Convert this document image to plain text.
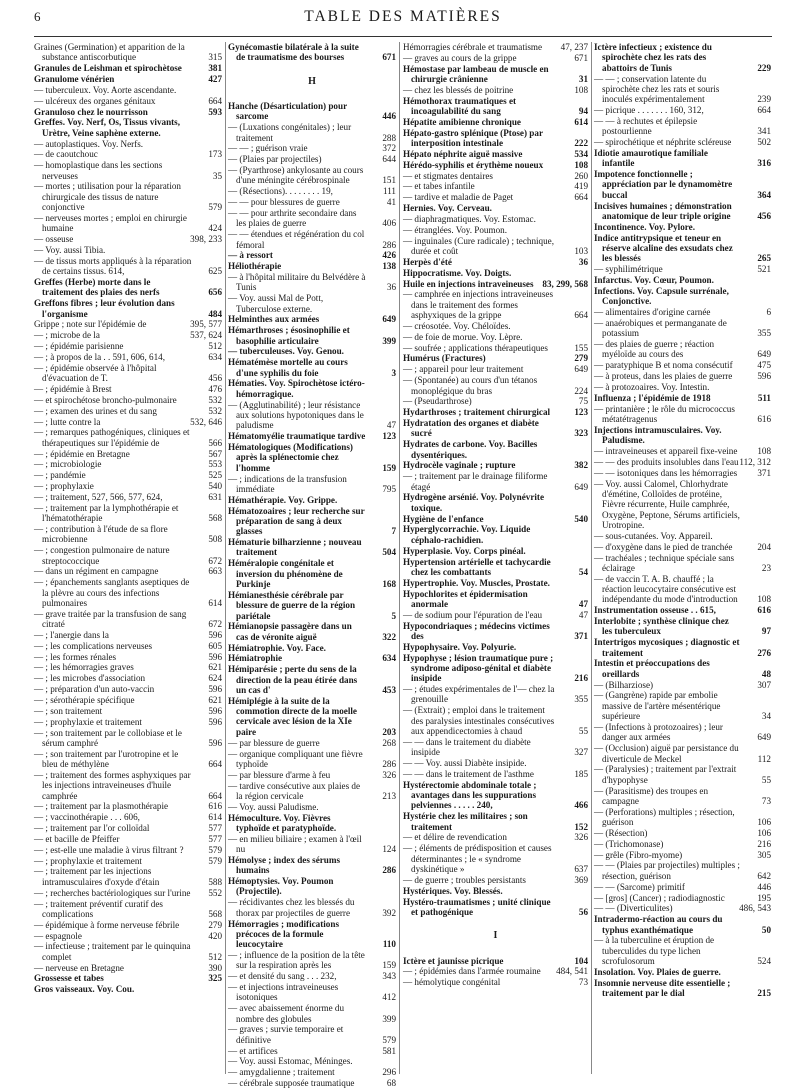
6	TABLE DES MATIÈRES
Graines (Germination) et apparition de la substance antiscorbutique	315
Granules de Leishman et spirochètose	381
Granulome vénérien	427
— tuberculeux. Voy. Aorte ascendante.
— ulcéreux des organes génitaux	664
Granuloso chez le nourrisson	593
Greffes. Voy. Nerf, Os, Tissus vivants, Urètre, Veine saphène externe.
— autoplastiques. Voy. Nerfs.
— de caoutchouc	173
— homoplastique dans les sections nerveuses	35
— mortes ; utilisation pour la réparation chirurgicale des tissus de nature conjonctive	579
— nerveuses mortes ; emploi en chirurgie humaine	424
— osseuse	398, 233
— Voy. aussi Tibia.
— de tissus morts appliqués à la réparation de certains tissus. 614,	625
Greffes (Herbe) morte dans le traitement des plaies des nerfs	656
Greffons fibres ; leur évolution dans l'organisme	484
Grippe ; note sur l'épidémie de	395, 577
— ; microbe de la	537, 624
— ; épidémie parisienne	512
— ; à propos de la . . 591, 606, 614,	634
— ; épidémie observée à l'hôpital d'évacuation de T.	456
— ; épidémie à Brest	476
— et spirochétose broncho-pulmonaire	532
— ; examen des urines et du sang	532
— ; lutte contre la	532, 646
— ; remarques pathogéniques, cliniques et thérapeutiques sur l'épidémie de	566
— ; épidémie en Bretagne	567
— ; microbiologie	553
— ; pandémie	525
— ; prophylaxie	540
— ; traitement, 527, 566, 577, 624,	631
— ; traitement par la lymphothérapie et l'hématothérapie	568
— ; contribution à l'étude de sa flore microbienne	508
— ; congestion pulmonaire de nature streptococcique	672
— dans un régiment en campagne	663
— ; épanchements sanglants aseptiques de la plèvre au cours des infections pulmonaires	614
— grave traitée par la transfusion de sang citraté	672
— ; l'anergie dans la	596
— ; les complications nerveuses	605
— ; les formes rénales	596
— ; les hémorragies graves	621
— ; les microbes d'association	624
— ; préparation d'un auto-vaccin	596
— ; sérothérapie spécifique	621
— ; son traitement	596
— ; prophylaxie et traitement	596
— ; son traitement par le collobiase et le sérum camphré	596
— ; son traitement par l'urotropine et le bleu de méthylène	664
— ; traitement des formes asphyxiques par les injections intraveineuses d'huile camphrée	664
— ; traitement par la plasmothérapie	616
— ; vaccinothérapie . . . 606,	614
— ; traitement par l'or colloïdal	577
— et bacille de Pfeiffer	577
— ; est-elle une maladie à virus filtrant ?	579
— ; prophylaxie et traitement	579
— ; traitement par les injections intramusculaires d'oxyde d'étain	588
— ; recherches bactériologiques sur l'urine 552
— ; traitement préventif curatif des complications	568
— épidémique à forme nerveuse fébrile	279
— espagnole	420
— infectieuse ; traitement par le quinquina complet	512
— nerveuse en Bretagne	390
Grossesse et tabes	325
Gros vaisseaux. Voy. Cou.
Gynécomastie bilatérale à la suite de traumatisme des bourses	671
H
Hanche (Désarticulation) pour sarcome	446
— (Luxations congénitales) ; leur traitement	288
— — ; guérison vraie	372
— (Plaies par projectiles)	644
— (Pyarthrose) ankylosante au cours d'une méningite cérébrospinale	151
— (Résections). . . . . . . . 19,	111
— — pour blessures de guerre	41
— — pour arthrite secondaire dans les plaies de guerre	406
— — étendues et régénération du col fémoral	286
— à ressort	426
Héliothérapie	138
— à l'hôpital militaire du Belvédère à Tunis	36
— Voy. aussi Mal de Pott, Tuberculose externe.
Helminthes aux armées	649
Hémarthroses ; ésosinophilie et basophilie articulaire	399
— tuberculeuses. Voy. Genou.
Hématémèse mortelle au cours d'une syphilis du foie	3
Hématies. Voy. Spirochètose ictéro-hémorragique.
— (Agglutinabilité) ; leur résistance aux solutions hypotoniques dans le paludisme	47
Hématomyélie traumatique tardive 123
Hématologiques (Modifications) après la splénectomie chez l'homme	159
— ; indications de la transfusion immédiate	795
Hémathérapie. Voy. Grippe.
Hématozoaires ; leur recherche sur préparation de sang à deux glasses	7
Hématurie bilharzienne ; nouveau traitement	504
Héméralopie congénitale et inversion du phénomène de Purkinje	168
Hémianesthésie cérébrale par blessure de guerre de la région pariétale	5
Hémianopsie passagère dans un cas de véronite aiguë	322
Hémiatrophie. Voy. Face.
Hémiatrophie	634
Hémiparésie ; perte du sens de la direction de la peau étirée dans un cas d'	453
Hémiplégie à la suite de la commotion directe de la moelle cervicale avec lésion de la XIe paire	203
— par blessure de guerre	268
— organique compliquant une fièvre typhoïde	286
— par blessure d'arme à feu	326
— tardive consécutive aux plaies de la région cervicale	213
— Voy. aussi Paludisme.
Hémoculture. Voy. Fièvres typhoïde et paratyphoïde.
— en milieu biliaire ; examen à l'œil nu	124
Hémolyse ; index des sérums humains	286
Hémoptysies. Voy. Poumon (Projectile).
— récidivantes chez les blessés du thorax par projectiles de guerre	392
Hémorragies ; modifications précoces de la formule leucocytaire	110
— ; influence de la position de la tête sur la respiration après les	159
— et densité du sang . . . 232,	343
— et injections intraveineuses isotoniques	412
— avec abaissement énorme du nombre des globules	399
— graves ; survie temporaire et définitive	579
— et artifices	581
— Voy. aussi Estomac, Méninges.
— amygdalienne ; traitement	296
— cérébrale supposée traumatique	68
Hémorragies cérébrale et traumatisme 47, 237
— graves au cours de la grippe	671
Hémostase par lambeau de muscle en chirurgie crânienne	31
— chez les blessés de poitrine	108
Hémothorax traumatiques et incoagulabilité du sang	94
Hépatite amibienne chronique	614
Hépato-gastro splénique (Ptose) par interposition intestinale	222
Hépato néphrite aiguë massive	534
Hérédo-syphilis et érythème noueux	108
— et stigmates dentaires	260
— et tabes infantile	419
— tardive et maladie de Paget	664
Hernies. Voy. Cerveau.
— diaphragmatiques. Voy. Estomac.
— étranglées. Voy. Poumon.
— inguinales (Cure radicale) ; technique, durée et coût	103
Herpès d'été	36
Hippocratisme. Voy. Doigts.
Huile en injections intraveineuses 83, 299, 568
— camphrée en injections intraveineuses dans le traitement des formes asphyxiques de la grippe	664
— créosotée. Voy. Chéloïdes.
— de foie de morue. Voy. Lèpre.
— soufrée ; applications thérapeutiques	155
Humérus (Fractures)	279
— ; appareil pour leur traitement	649
— (Spontanée) au cours d'un tétanos monoplégique du bras	224
— (Pseudarthrose)	75
Hydarthroses ; traitement chirurgical	123
Hydratation des organes et diabète sucré	323
Hydrates de carbone. Voy. Bacilles dysentériques.
Hydrocèle vaginale ; rupture	382
— ; traitement par le drainage filiforme étagé	649
Hydrogène arsénié. Voy. Polynévrite toxique.
Hygiène de l'enfance	540
Hyperglycorrachie. Voy. Liquide céphalo-rachidien.
Hyperplasie. Voy. Corps pinéal.
Hypertension artérielle et tachycardie chez les combattants	54
Hypertrophie. Voy. Muscles, Prostate.
Hypochlorites et épidermisation anormale	47
— de sodium pour l'épuration de l'eau	47
Hypocondriaques ; médecins victimes des	371
Hypophysaire. Voy. Polyurie.
Hypophyse ; lésion traumatique pure ; syndrome adiposo-génital et diabète insipide	216
— ; études expérimentales de l'— chez la grenouille	355
— (Extrait) ; emploi dans le traitement des paralysies intestinales consécutives aux appendicectomies à chaud	55
— — dans le traitement du diabète insipide	327
— — Voy. aussi Diabète insipide.
— — dans le traitement de l'asthme	185
Hystérectomie abdominale totale ; avantages dans les suppurations pelviennes . . . . . 240,	466
Hystérie chez les militaires ; son traitement	152
— et délire de revendication	326
— ; éléments de prédisposition et causes déterminantes ; le « syndrome dyskinétique »	637
— de guerre ; troubles persistants	369
Hystériques. Voy. Blessés.
Hystéro-traumatismes ; unité clinique et pathogénique	56
I
Ictère et jaunisse picrique	104
— ; épidémies dans l'armée roumaine 484, 541
— hémolytique congénital	73
Ictère infectieux ; existence du spirochète chez les rats des abattoirs de Tunis	229
— — ; conservation latente du spirochète chez les rats et souris inoculés expérimentalement	239
— picrique . . . . . . . 160, 312,	664
— — à rechutes et épilepsie postourlienne	341
— spirochétique et néphrite scléreuse	502
Idiotie amaurotique familiale infantile	316
Impotence fonctionnelle ; appréciation par le dynamomètre buccal	364
Incisives humaines ; démonstration anatomique de leur triple origine	456
Incontinence. Voy. Pylore.
Indice antitrypsique et teneur en réserve alcaline des exsudats chez les blessés	265
— syphilimétrique	521
Infarctus. Voy. Cœur, Poumon.
Infections. Voy. Capsule surrénale, Conjonctive.
— alimentaires d'origine carnée	6
— anaérobiques et permanganate de potassium	355
— des plaies de guerre ; réaction myéloïde au cours des	649
— paratyphique B et noma consécutif	475
— à proteus, dans les plaies de guerre	596
— à protozoaires. Voy. Intestin.
Influenza ; l'épidémie de 1918	511
— printanière ; le rôle du micrococcus métatétragenus	616
Injections intramusculaires. Voy. Paludisme.
— intraveineuses et appareil fixe-veine 108
— — des produits insolubles dans l'eau 112, 312
— — isotoniques dans les hémorragies 371
— Voy. aussi Calomel, Chlorhydrate d'émétine, Colloïdes de protéine, Fièvre récurrente, Huile camphrée, Oxygène, Peptone, Sérums artificiels, Urotropine.
— sous-cutanées. Voy. Appareil.
— d'oxygène dans le pied de tranchée	204
— trachéales ; technique spéciale sans éclairage	23
— de vaccin T. A. B. chauffé ; la réaction leucocytaire consécutive est indépendante du mode d'introduction 108
Instrumentation osseuse . . 615,	616
Interlobite ; synthèse clinique chez les tuberculeux	97
Intertrigos mycosiques ; diagnostic et traitement	276
Intestin et préoccupations des oreillards	48
— (Bilharziose)	307
— (Gangrène) rapide par embolie massive de l'artère mésentérique supérieure	34
— (Infections à protozoaires) ; leur danger aux armées	649
— (Occlusion) aiguë par persistance du diverticule de Meckel	112
— (Paralysies) ; traitement par l'extrait d'hypophyse	55
— (Parasitisme) des troupes en campagne	73
— (Perforations) multiples ; résection, guérison	106
— (Résection)	106
— (Trichomonase)	216
— grêle (Fibro-myome)	305
— — (Plaies par projectiles) multiples ; résection, guérison	642
— — (Sarcome) primitif	446
— [gros] (Cancer) ; radiodiagnostic	195
— — (Diverticulites)	486, 543
Intradermo-réaction au cours du typhus exanthématique	50
— à la tuberculine et éruption de tuberculides du type lichen scrofulosorum	524
Insolation. Voy. Plaies de guerre.
Insomnie nerveuse dite essentielle ; traitement par le dial	215
